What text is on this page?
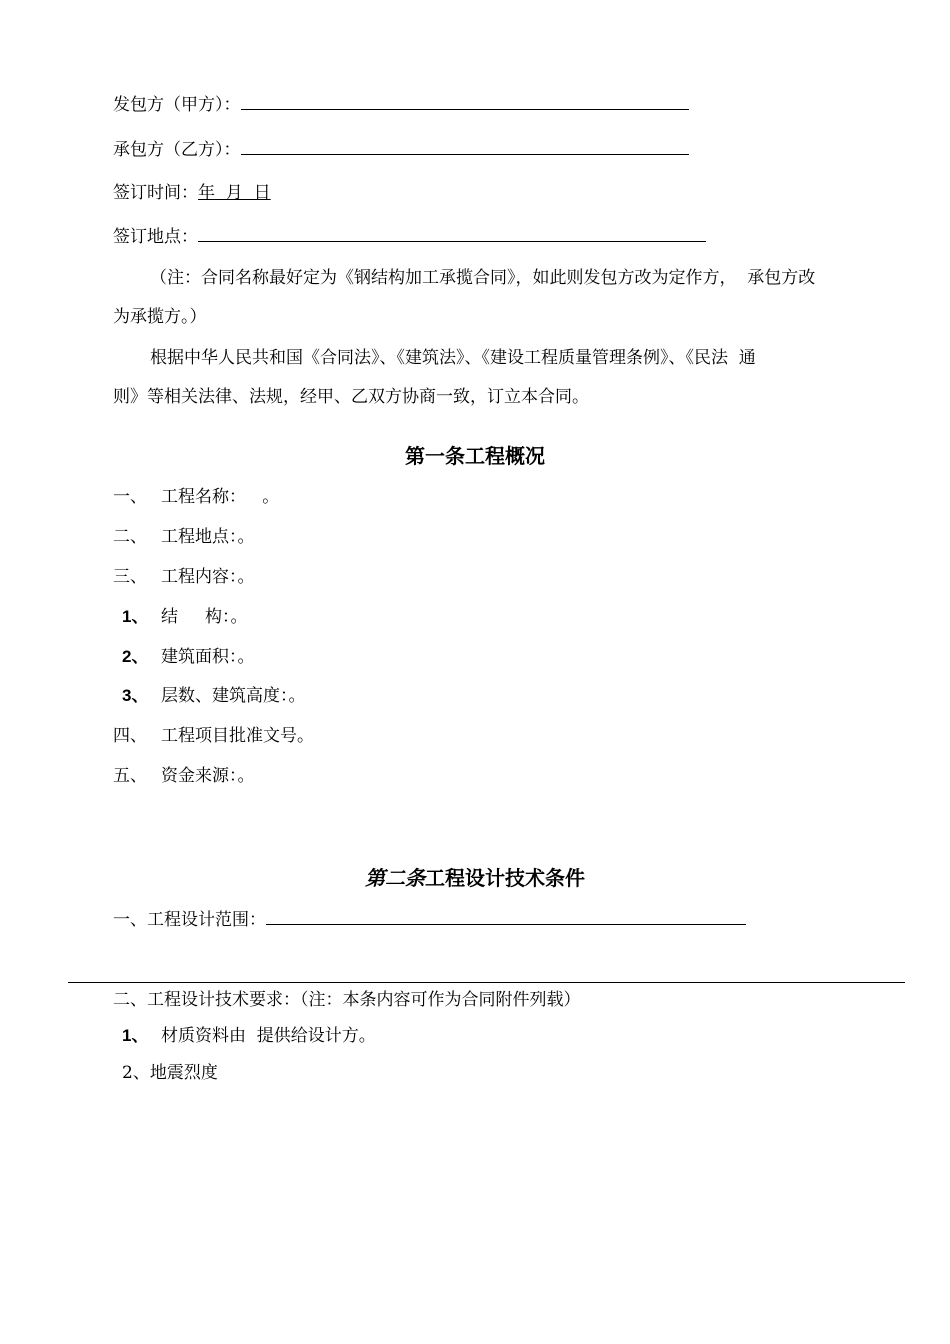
发包方（甲方）：
承包方（乙方）：
签订时间：年  月  日
签订地点：
（注：合同名称最好定为《钢结构加工承揽合同》，如此则发包方改为定作方，  承包方改
为承揽方。）
根据中华人民共和国《合同法》、《建筑法》、《建设工程质量管理条例》、《民法  通
则》等相关法律、法规，经甲、乙双方协商一致，订立本合同。
第一条工程概况
一、 工程名称：   。
二、 工程地点：。
三、 工程内容：。
1、 结     构：。
2、 建筑面积：。
3、 层数、建筑高度：。
四、 工程项目批准文号。
五、 资金来源：。
第二条工程设计技术条件
一、工程设计范围：
二、工程设计技术要求：（注：本条内容可作为合同附件列载）
1、 材质资料由  提供给设计方。
2、地震烈度
